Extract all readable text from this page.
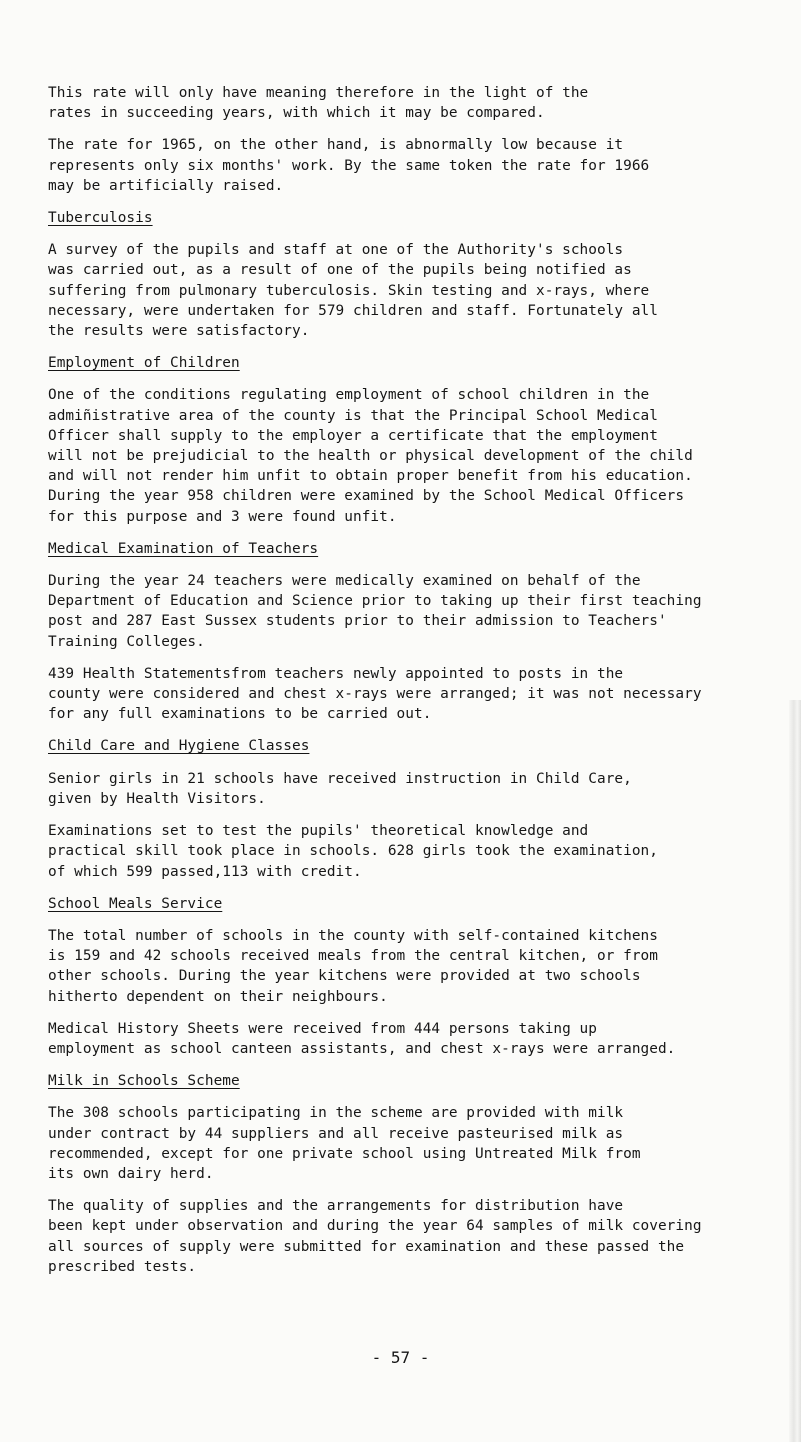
This rate will only have meaning therefore in the light of the
rates in succeeding years, with which it may be compared.

The rate for 1965, on the other hand, is abnormally low because it
represents only six months' work. By the same token the rate for 1966
may be artificially raised.

Tuberculosis

A survey of the pupils and staff at one of the Authority's schools
was carried out, as a result of one of the pupils being notified as
suffering from pulmonary tuberculosis. Skin testing and x-rays, where
necessary, were undertaken for 579 children and staff. Fortunately all
the results were satisfactory.

Employment of Children

One of the conditions regulating employment of school children in the
admiñistrative area of the county is that the Principal School Medical
Officer shall supply to the employer a certificate that the employment
will not be prejudicial to the health or physical development of the child
and will not render him unfit to obtain proper benefit from his education.
During the year 958 children were examined by the School Medical Officers
for this purpose and 3 were found unfit.

Medical Examination of Teachers

During the year 24 teachers were medically examined on behalf of the
Department of Education and Science prior to taking up their first teaching
post and 287 East Sussex students prior to their admission to Teachers'
Training Colleges.

439 Health Statementsfrom teachers newly appointed to posts in the
county were considered and chest x-rays were arranged; it was not necessary
for any full examinations to be carried out.

Child Care and Hygiene Classes

Senior girls in 21 schools have received instruction in Child Care,
given by Health Visitors.

Examinations set to test the pupils' theoretical knowledge and
practical skill took place in schools. 628 girls took the examination,
of which 599 passed,113 with credit.

School Meals Service

The total number of schools in the county with self-contained kitchens
is 159 and 42 schools received meals from the central kitchen, or from
other schools. During the year kitchens were provided at two schools
hitherto dependent on their neighbours.

Medical History Sheets were received from 444 persons taking up
employment as school canteen assistants, and chest x-rays were arranged.

Milk in Schools Scheme

The 308 schools participating in the scheme are provided with milk
under contract by 44 suppliers and all receive pasteurised milk as
recommended, except for one private school using Untreated Milk from
its own dairy herd.

The quality of supplies and the arrangements for distribution have
been kept under observation and during the year 64 samples of milk covering
all sources of supply were submitted for examination and these passed the
prescribed tests.

- 57 -
